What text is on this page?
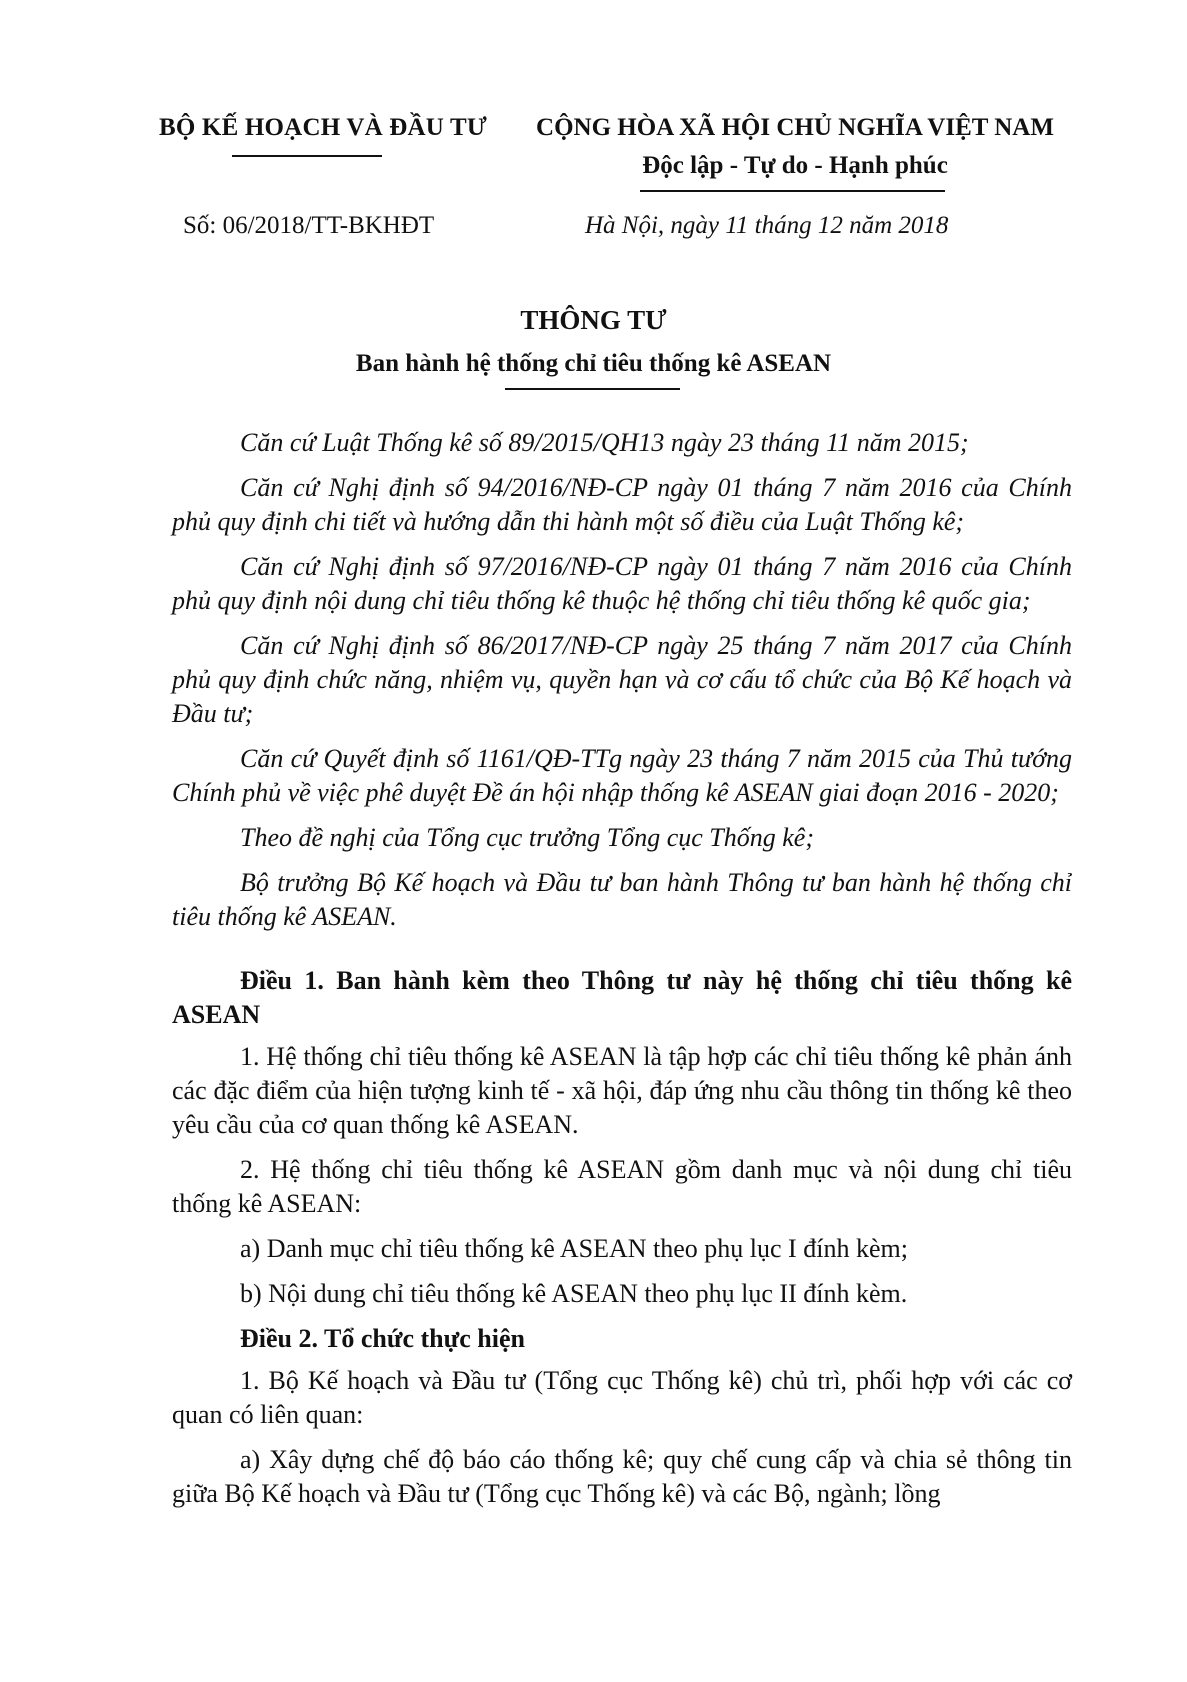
BỘ KẾ HOẠCH VÀ ĐẦU TƯ	CỘNG HÒA XÃ HỘI CHỦ NGHĨA VIỆT NAM
Độc lập - Tự do - Hạnh phúc
Số: 06/2018/TT-BKHĐT	Hà Nội, ngày 11 tháng 12 năm 2018
THÔNG TƯ
Ban hành hệ thống chỉ tiêu thống kê ASEAN

Căn cứ Luật Thống kê số 89/2015/QH13 ngày 23 tháng 11 năm 2015;

Căn cứ Nghị định số 94/2016/NĐ-CP ngày 01 tháng 7 năm 2016 của Chính phủ quy định chi tiết và hướng dẫn thi hành một số điều của Luật Thống kê;

Căn cứ Nghị định số 97/2016/NĐ-CP ngày 01 tháng 7 năm 2016 của Chính phủ quy định nội dung chỉ tiêu thống kê thuộc hệ thống chỉ tiêu thống kê quốc gia;

Căn cứ Nghị định số 86/2017/NĐ-CP ngày 25 tháng 7 năm 2017 của Chính phủ quy định chức năng, nhiệm vụ, quyền hạn và cơ cấu tổ chức của Bộ Kế hoạch và Đầu tư;

Căn cứ Quyết định số 1161/QĐ-TTg ngày 23 tháng 7 năm 2015 của Thủ tướng Chính phủ về việc phê duyệt Đề án hội nhập thống kê ASEAN giai đoạn 2016 - 2020;

Theo đề nghị của Tổng cục trưởng Tổng cục Thống kê;

Bộ trưởng Bộ Kế hoạch và Đầu tư ban hành Thông tư ban hành hệ thống chỉ tiêu thống kê ASEAN.

Điều 1. Ban hành kèm theo Thông tư này hệ thống chỉ tiêu thống kê ASEAN

1. Hệ thống chỉ tiêu thống kê ASEAN là tập hợp các chỉ tiêu thống kê phản ánh các đặc điểm của hiện tượng kinh tế - xã hội, đáp ứng nhu cầu thông tin thống kê theo yêu cầu của cơ quan thống kê ASEAN.

2. Hệ thống chỉ tiêu thống kê ASEAN gồm danh mục và nội dung chỉ tiêu thống kê ASEAN:

a) Danh mục chỉ tiêu thống kê ASEAN theo phụ lục I đính kèm;

b) Nội dung chỉ tiêu thống kê ASEAN theo phụ lục II đính kèm.

Điều 2. Tổ chức thực hiện

1. Bộ Kế hoạch và Đầu tư (Tổng cục Thống kê) chủ trì, phối hợp với các cơ quan có liên quan:

a) Xây dựng chế độ báo cáo thống kê; quy chế cung cấp và chia sẻ thông tin giữa Bộ Kế hoạch và Đầu tư (Tổng cục Thống kê) và các Bộ, ngành; lồng
